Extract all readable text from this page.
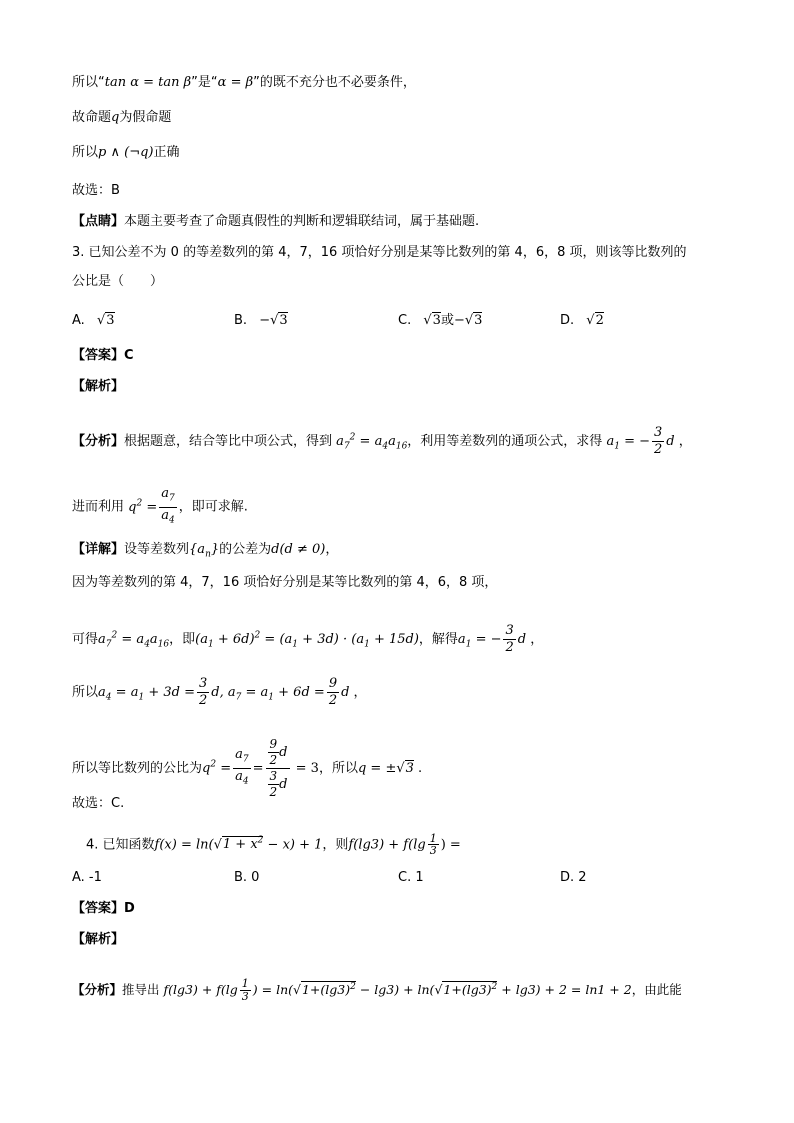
所以“tan α = tan β”是“α = β”的既不充分也不必要条件，
故命题q为假命题
所以p ∧ (¬q)正确
故选：B
【点睛】本题主要考查了命题真假性的判断和逻辑联结词，属于基础题.
3. 已知公差不为 0 的等差数列的第 4，7，16 项恰好分别是某等比数列的第 4，6，8 项，则该等比数列的
公比是（　　）
A. √3	B. −√3	C. √3或−√3	D. √2
【答案】C
【解析】
【分析】根据题意，结合等比中项公式，得到 $a_7^2 = a_4a_{16}$，利用等差数列的通项公式，求得 $a_1$ = − $\frac{3}{2}$ d ，
进而利用 $q^2 = \frac{a_7}{a_4}$ ，即可求解.
【详解】设等差数列$\{a_n\}$的公差为d(d ≠ 0)，
因为等差数列的第 4，7，16 项恰好分别是某等比数列的第 4，6，8 项，
可得$a_7^2 = a_4a_{16}$，即$(a_1 + 6d)^2 = (a_1 + 3d) \cdot (a_1 + 15d)$，解得$a_1$ = − $\frac{3}{2}$ d ，
所以$a_4 = a_1 + 3d = \frac{3}{2} d$, $a_7 = a_1 + 6d = \frac{9}{2}$ d ，
所以等比数列的公比为$q^2 = \frac{a_7}{a_4} = \frac{\frac{9}{2}d}{\frac{3}{2}d} = 3$，所以q = ±√3 .
故选：C.
4. 已知函数$f(x) = \ln(√1 + x^2 - x) + 1$，则$f(\lg 3) + f(\lg \frac{1}{3}$ ) =
A. -1	B. 0	C. 1	D. 2
【答案】D
【解析】
【分析】推导出 $f(\lg 3) + f(\lg \frac{1}{3}$ ) = $\ln(√1+(\lg 3)^2 - \lg 3) + \ln(√1+(\lg 3)^2 + \lg 3) + 2 = \ln 1 + 2$，由此能
